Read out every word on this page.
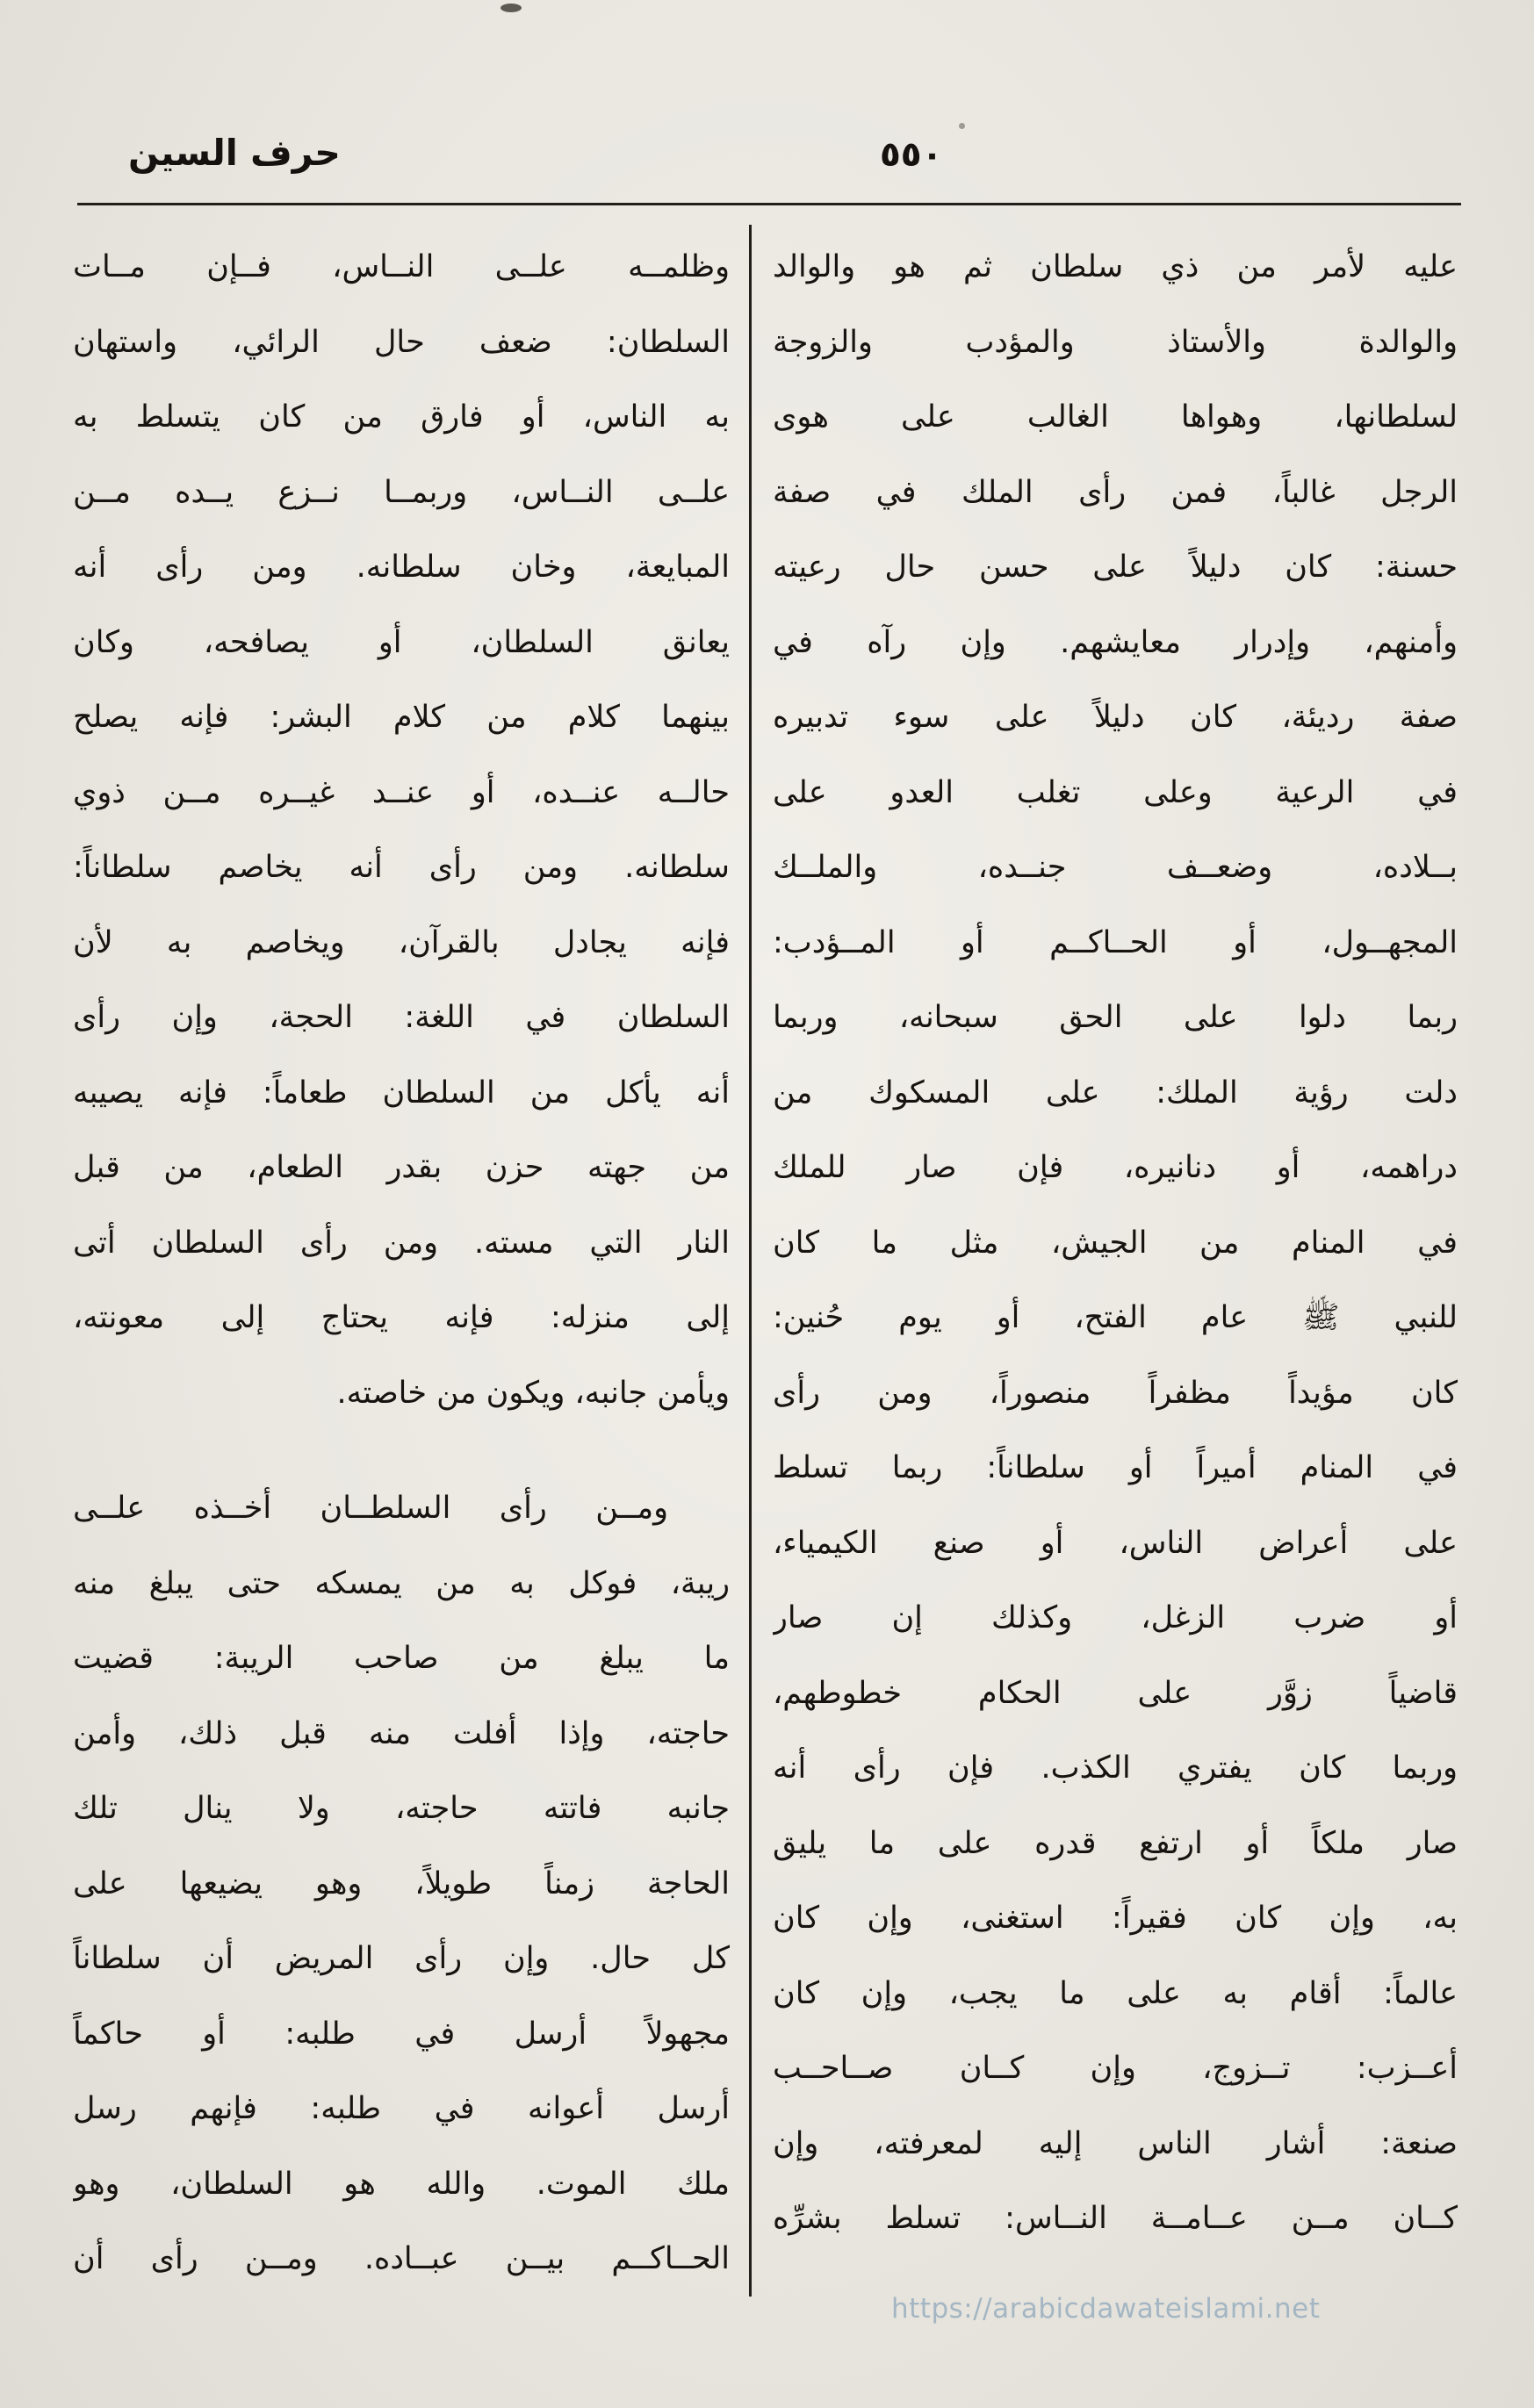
حرف السين	٥٥٠
عليه لأمر من ذي سلطان ثم هو والوالد
والوالدة والأستاذ والمؤدب والزوجة
لسلطانها، وهواها الغالب على هوى
الرجل غالباً، فمن رأى الملك في صفة
حسنة: كان دليلاً على حسن حال رعيته
وأمنهم، وإدرار معايشهم. وإن رآه في
صفة رديئة، كان دليلاً على سوء تدبيره
في الرعية وعلى تغلب العدو على
بــلاده، وضعــف جنــده، والملــك
المجهــول، أو الحــاكــم أو المــؤدب:
ربما دلوا على الحق سبحانه، وربما
دلت رؤية الملك: على المسكوك من
دراهمه، أو دنانيره، فإن صار للملك
في المنام من الجيش، مثل ما كان
للنبي ﷺ عام الفتح، أو يوم حُنين:
كان مؤيداً مظفراً منصوراً، ومن رأى
في المنام أميراً أو سلطاناً: ربما تسلط
على أعراض الناس، أو صنع الكيمياء،
أو ضرب الزغل، وكذلك إن صار
قاضياً زوَّر على الحكام خطوطهم،
وربما كان يفتري الكذب. فإن رأى أنه
صار ملكاً أو ارتفع قدره على ما يليق
به، وإن كان فقيراً: استغنى، وإن كان
عالماً: أقام به على ما يجب، وإن كان
أعــزب: تــزوج، وإن كــان صــاحــب
صنعة: أشار الناس إليه لمعرفته، وإن
كــان مــن عــامــة النــاس: تسلط بشرِّه
وظلمــه علــى النــاس، فــإن مــات
السلطان: ضعف حال الرائي، واستهان
به الناس، أو فارق من كان يتسلط به
علــى النــاس، وربمــا نــزع يــده مــن
المبايعة، وخان سلطانه. ومن رأى أنه
يعانق السلطان، أو يصافحه، وكان
بينهما كلام من كلام البشر: فإنه يصلح
حالــه عنــده، أو عنــد غيــره مــن ذوي
سلطانه. ومن رأى أنه يخاصم سلطاناً:
فإنه يجادل بالقرآن، ويخاصم به لأن
السلطان في اللغة: الحجة، وإن رأى
أنه يأكل من السلطان طعاماً: فإنه يصيبه
من جهته حزن بقدر الطعام، من قبل
النار التي مسته. ومن رأى السلطان أتى
إلى منزله: فإنه يحتاج إلى معونته،
ويأمن جانبه، ويكون من خاصته.
ومــن رأى السلطــان أخــذه علــى
ريبة، فوكل به من يمسكه حتى يبلغ منه
ما يبلغ من صاحب الريبة: قضيت
حاجته، وإذا أفلت منه قبل ذلك، وأمن
جانبه فاتته حاجته، ولا ينال تلك
الحاجة زمناً طويلاً، وهو يضيعها على
كل حال. وإن رأى المريض أن سلطاناً
مجهولاً أرسل في طلبه: أو حاكماً
أرسل أعوانه في طلبه: فإنهم رسل
ملك الموت. والله هو السلطان، وهو
الحــاكــم بيــن عبــاده. ومــن رأى أن
https://arabicdawateislami.net
